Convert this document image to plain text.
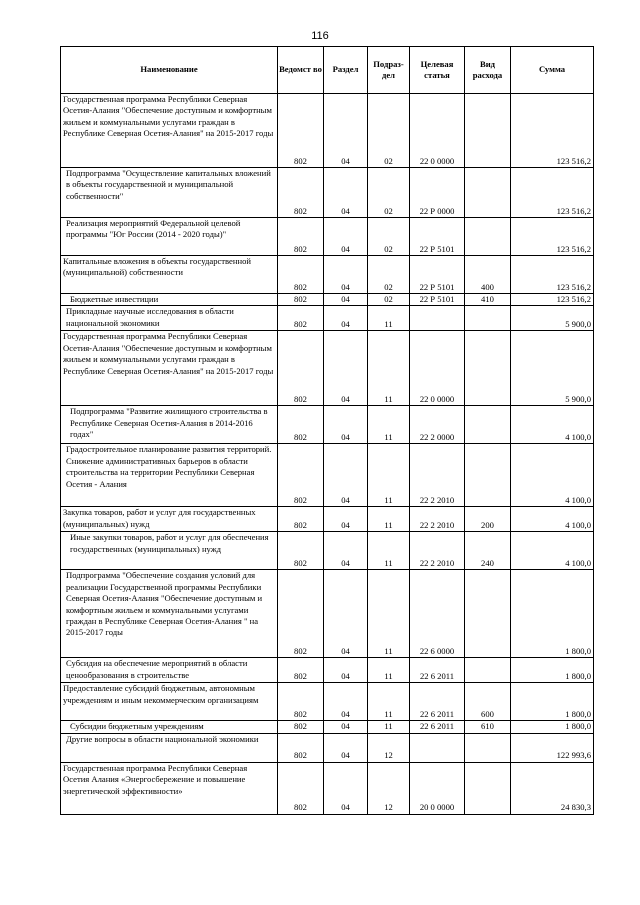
116
Наименование	Ведомст во	Раздел	Подраз- дел	Целевая статья	Вид расхода	Сумма
Государственная программа Республики Северная Осетия-Алания "Обеспечение доступным и комфортным жильем и коммунальными услугами граждан в Республике Северная Осетия-Алания" на 2015-2017 годы	802	04	02	22 0 0000		123 516,2
Подпрограмма "Осуществление капитальных вложений в объекты государственной и муниципальной собственности"	802	04	02	22 Р 0000		123 516,2
Реализация мероприятий Федеральной целевой программы "Юг России (2014 - 2020 годы)"	802	04	02	22 Р 5101		123 516,2
Капитальные вложения в объекты государственной (муниципальной) собственности	802	04	02	22 Р 5101	400	123 516,2
Бюджетные инвестиции	802	04	02	22 Р 5101	410	123 516,2
Прикладные научные исследования в области национальной экономики	802	04	11			5 900,0
Государственная программа Республики Северная Осетия-Алания "Обеспечение доступным и комфортным жильем и коммунальными услугами граждан в Республике Северная Осетия-Алания" на 2015-2017 годы	802	04	11	22 0 0000		5 900,0
Подпрограмма "Развитие жилищного строительства в Республике Северная Осетия-Алания в 2014-2016 годах"	802	04	11	22 2 0000		4 100,0
Градостроительное планирование развития территорий. Снижение административных барьеров в области строительства на территории Республики Северная Осетия - Алания	802	04	11	22 2 2010		4 100,0
Закупка товаров, работ и услуг для государственных (муниципальных) нужд	802	04	11	22 2 2010	200	4 100,0
Иные закупки товаров, работ и услуг для обеспечения государственных (муниципальных) нужд	802	04	11	22 2 2010	240	4 100,0
Подпрограмма "Обеспечение создания условий для реализации Государственной программы Республики Северная Осетия-Алания "Обеспечение доступным и комфортным жильем и коммунальными услугами граждан в Республике Северная Осетия-Алания " на 2015-2017 годы	802	04	11	22 6 0000		1 800,0
Субсидия на обеспечение мероприятий в области ценообразования в строительстве	802	04	11	22 6 2011		1 800,0
Предоставление субсидий бюджетным, автономным учреждениям и иным некоммерческим организациям	802	04	11	22 6 2011	600	1 800,0
Субсидии бюджетным учреждениям	802	04	11	22 6 2011	610	1 800,0
Другие вопросы в области национальной экономики	802	04	12			122 993,6
Государственная программа Республики Северная Осетия Алания «Энергосбережение и повышение энергетической эффективности»	802	04	12	20 0 0000		24 830,3
